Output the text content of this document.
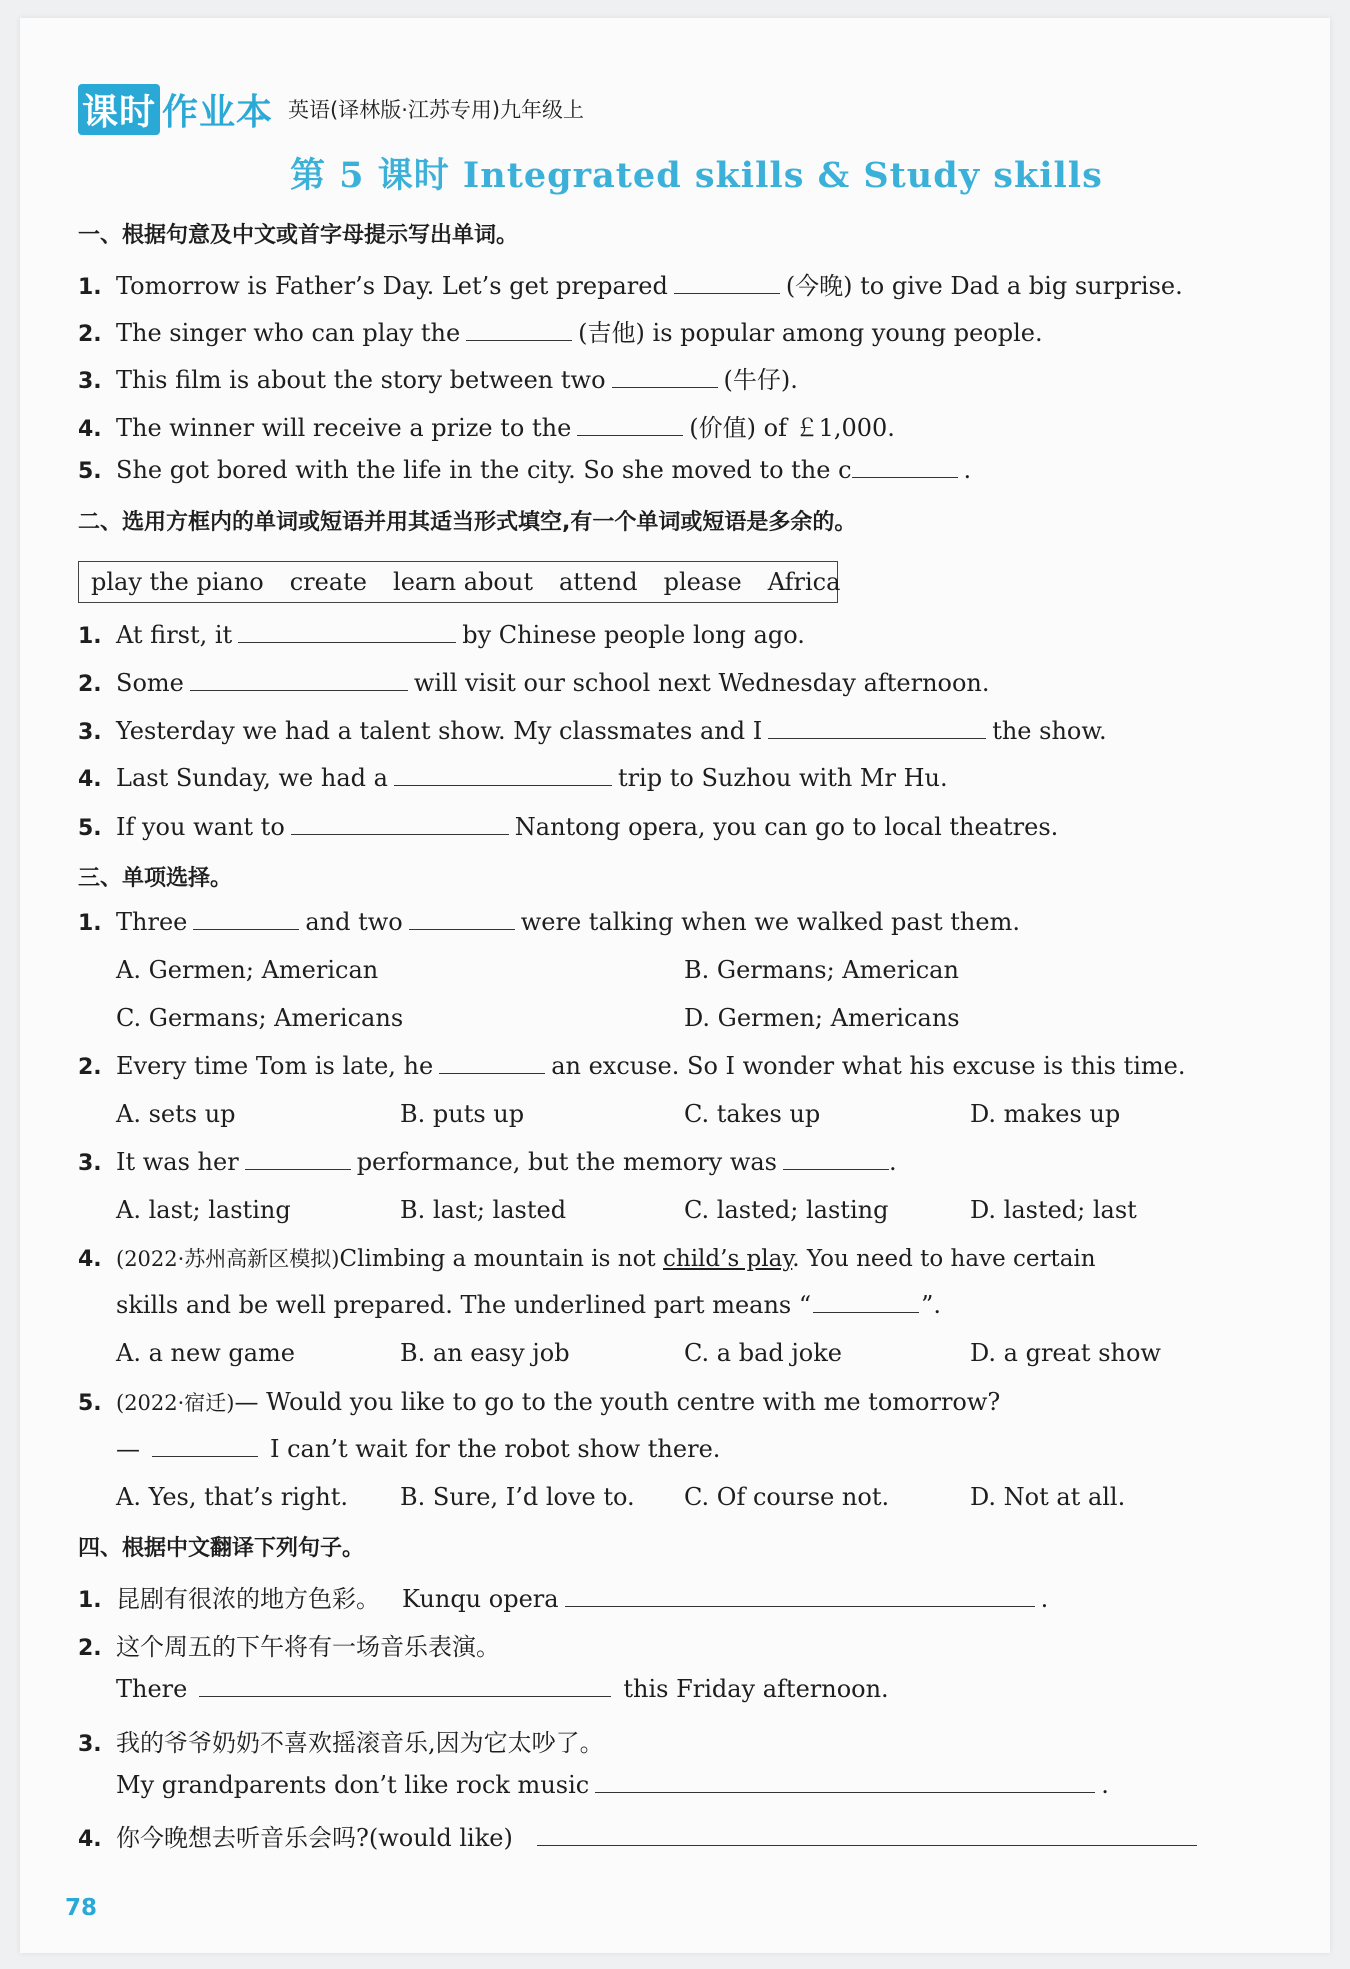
课时 作业本 英语(译林版·江苏专用)九年级上
第 5 课时 Integrated skills & Study skills
一、根据句意及中文或首字母提示写出单词。
1. Tomorrow is Father’s Day. Let’s get prepared	(今晚) to give Dad a big surprise.
2. The singer who can play the	(吉他) is popular among young people.
3. This film is about the story between two	(牛仔).
4. The winner will receive a prize to the	(价值) of ￡1,000.
5. She got bored with the life in the city. So she moved to the c	.
二、选用方框内的单词或短语并用其适当形式填空,有一个单词或短语是多余的。
play the piano create learn about attend please Africa
1. At first, it	by Chinese people long ago.
2. Some	will visit our school next Wednesday afternoon.
3. Yesterday we had a talent show. My classmates and I	the show.
4. Last Sunday, we had a	trip to Suzhou with Mr Hu.
5. If you want to	Nantong opera, you can go to local theatres.
三、单项选择。
1. Three	and two	were talking when we walked past them.
A. Germen; American	B. Germans; American
C. Germans; Americans	D. Germen; Americans
2. Every time Tom is late, he	an excuse. So I wonder what his excuse is this time.
A. sets up	B. puts up	C. takes up	D. makes up
3. It was her	performance, but the memory was	.
A. last; lasting	B. last; lasted	C. lasted; lasting	D. lasted; last
4. (2022·苏州高新区模拟)Climbing a mountain is not child’s play. You need to have certain
skills and be well prepared. The underlined part means “	”.
A. a new game	B. an easy job	C. a bad joke	D. a great show
5. (2022·宿迁)— Would you like to go to the youth centre with me tomorrow?
—	I can’t wait for the robot show there.
A. Yes, that’s right. B. Sure, I’d love to. C. Of course not.	D. Not at all.
四、根据中文翻译下列句子。
1. 昆剧有很浓的地方色彩。 Kunqu opera	.
2. 这个周五的下午将有一场音乐表演。
There	this Friday afternoon.
3. 我的爷爷奶奶不喜欢摇滚音乐,因为它太吵了。
My grandparents don’t like rock music	.
4. 你今晚想去听音乐会吗?(would like)
78
